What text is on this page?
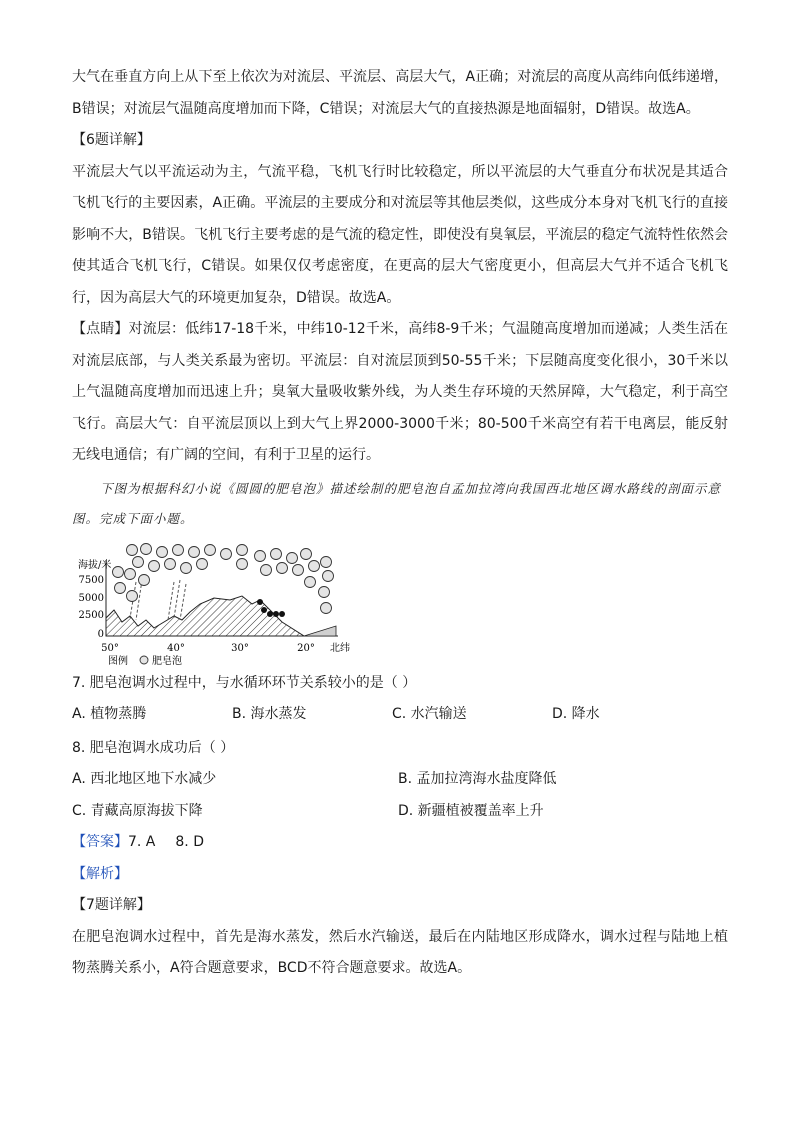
大气在垂直方向上从下至上依次为对流层、平流层、高层大气，A正确；对流层的高度从高纬向低纬递增，B错误；对流层气温随高度增加而下降，C错误；对流层大气的直接热源是地面辐射，D错误。故选A。

【6题详解】

平流层大气以平流运动为主，气流平稳，飞机飞行时比较稳定，所以平流层的大气垂直分布状况是其适合飞机飞行的主要因素，A正确。平流层的主要成分和对流层等其他层类似，这些成分本身对飞机飞行的直接影响不大，B错误。飞机飞行主要考虑的是气流的稳定性，即使没有臭氧层，平流层的稳定气流特性依然会使其适合飞机飞行，C错误。如果仅仅考虑密度，在更高的层大气密度更小，但高层大气并不适合飞机飞行，因为高层大气的环境更加复杂，D错误。故选A。

【点睛】对流层：低纬17-18千米，中纬10-12千米，高纬8-9千米；气温随高度增加而递减；人类生活在对流层底部，与人类关系最为密切。平流层：自对流层顶到50-55千米；下层随高度变化很小，30千米以上气温随高度增加而迅速上升；臭氧大量吸收紫外线，为人类生存环境的天然屏障，大气稳定，利于高空飞行。高层大气：自平流层顶以上到大气上界2000-3000千米；80-500千米高空有若干电离层，能反射无线电通信；有广阔的空间，有利于卫星的运行。

下图为根据科幻小说《圆圆的肥皂泡》描述绘制的肥皂泡自孟加拉湾向我国西北地区调水路线的剖面示意图。完成下面小题。

海拔/米
7500
5000
2500
0
50°	40°	30°	20° 北纬
图例 肥皂泡

7. 肥皂泡调水过程中，与水循环环节关系较小的是（ ）

A. 植物蒸腾	B. 海水蒸发	C. 水汽输送	D. 降水

8. 肥皂泡调水成功后（ ）

A. 西北地区地下水减少	B. 孟加拉湾海水盐度降低
C. 青藏高原海拔下降	D. 新疆植被覆盖率上升

【答案】7. A 8. D

【解析】

【7题详解】

在肥皂泡调水过程中，首先是海水蒸发，然后水汽输送，最后在内陆地区形成降水，调水过程与陆地上植物蒸腾关系小，A符合题意要求，BCD不符合题意要求。故选A。
